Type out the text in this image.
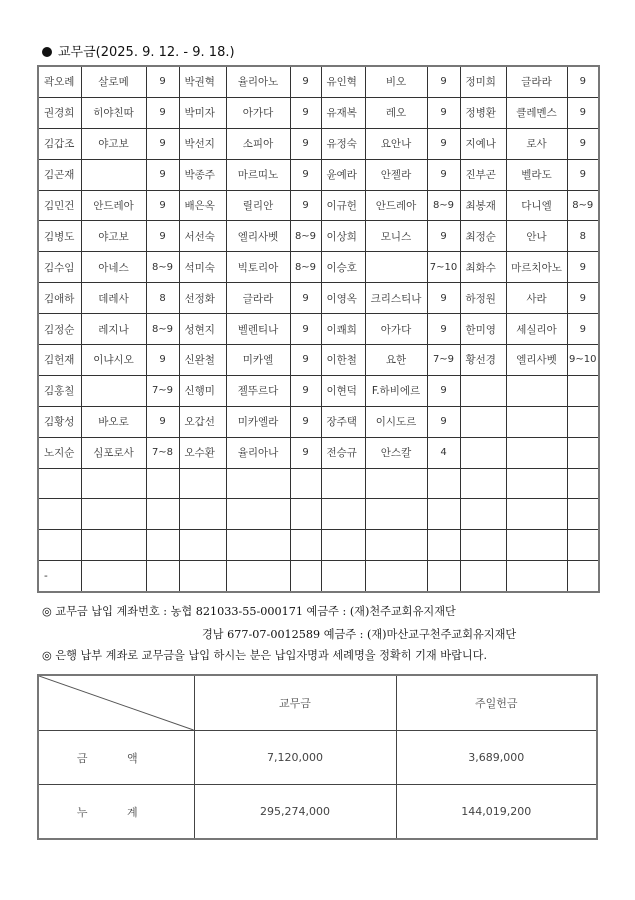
교무금(2025. 9. 12. - 9. 18.)
곽오례	살로메	9	박권혁	율리아노	9	유인혁	비오	9	정미희	글라라	9
권경희	히야친따	9	박미자	아가다	9	유재복	레오	9	정병환	클레멘스	9
김갑조	야고보	9	박선지	소피아	9	유정숙	요안나	9	지예나	로사	9
김곤재		9	박종주	마르띠노	9	윤예라	안젤라	9	진부곤	벨라도	9
김민건	안드레아	9	배은옥	릴리안	9	이규헌	안드레아	8~9	최봉재	다니엘	8~9
김병도	야고보	9	서선숙	엘리사벳	8~9	이상희	모니스	9	최정순	안나	8
김수임	아네스	8~9	석미숙	빅토리아	8~9	이승호		7~10	최화수	마르치아노	9
김애하	데레사	8	선정화	글라라	9	이영옥	크리스티나	9	하정원	사라	9
김정순	레지나	8~9	성현지	벨렌티나	9	이쾌희	아가다	9	한미영	세실리아	9
김헌재	이냐시오	9	신완철	미카엘	9	이한철	요한	7~9	황선경	엘리사벳	9~10
김홍칠		7~9	신행미	젤뚜르다	9	이현덕	F.하비에르	9			
김황성	바오로	9	오갑선	미카엘라	9	장주택	이시도르	9			
노지순	심포로사	7~8	오수환	율리아나	9	전승규	안스칼	4			

-											
◎ 교무금 납입 계좌번호 : 농협 821033-55-000171 예금주 : (재)천주교회유지재단
경남 677-07-0012589 예금주 : (재)마산교구천주교회유지재단
◎ 은행 납부 계좌로 교무금을 납입 하시는 분은 납입자명과 세례명을 정확히 기재 바랍니다.
	교무금	주일헌금
금 액	7,120,000	3,689,000
누 계	295,274,000	144,019,200
